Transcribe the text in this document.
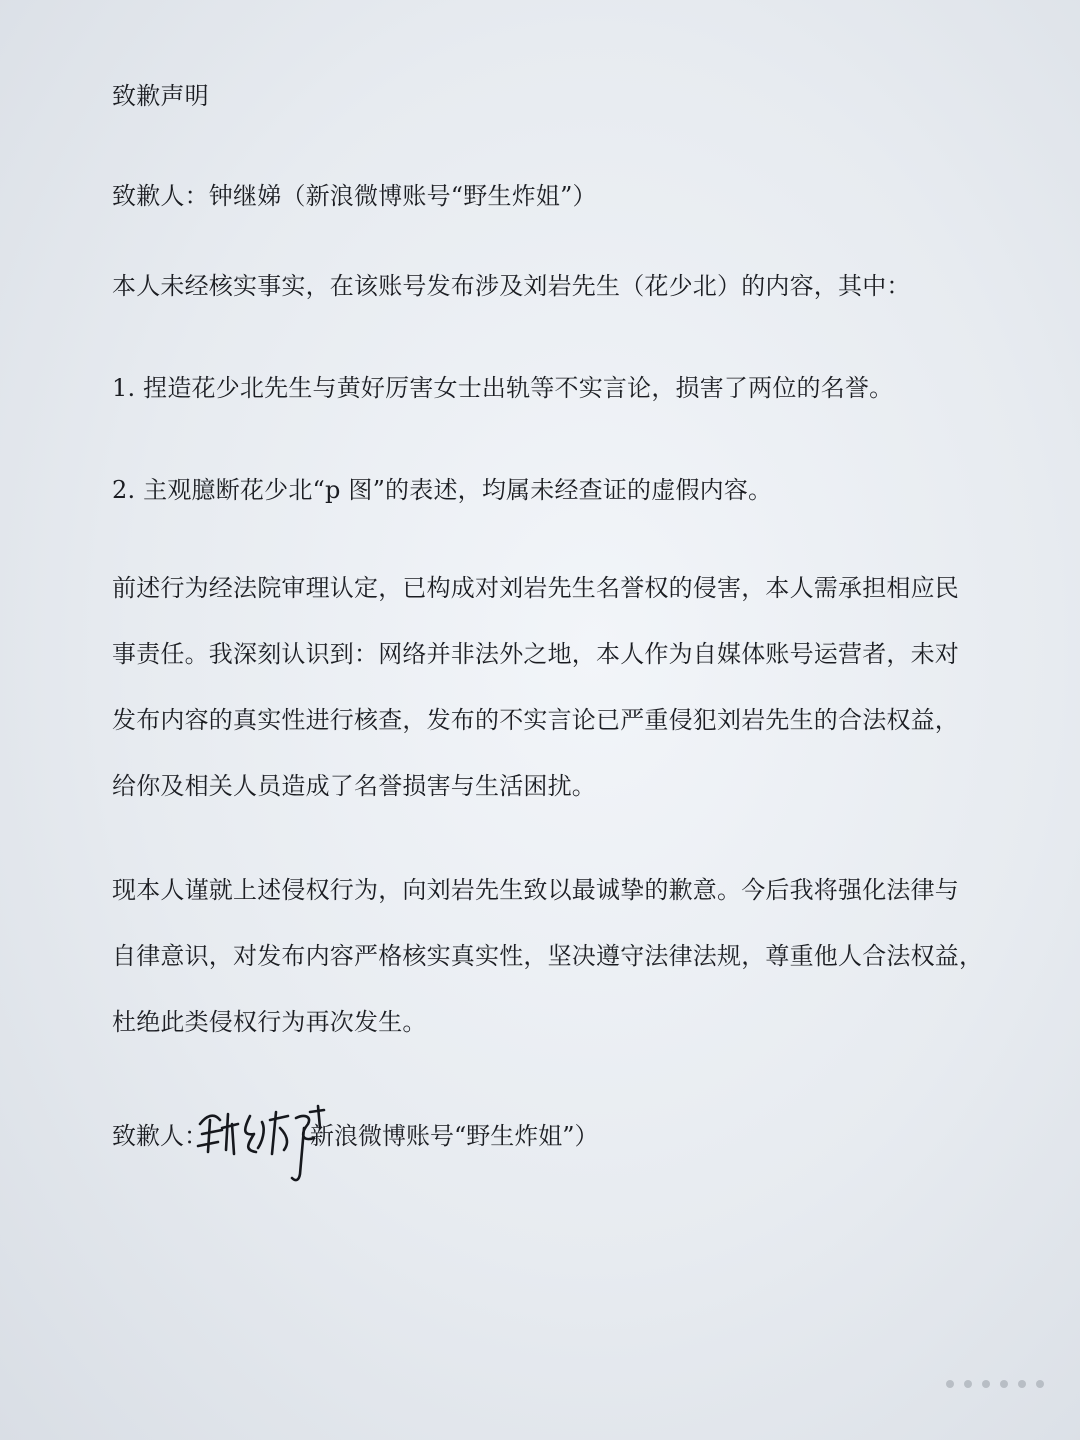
致歉声明
致歉人：钟继娣（新浪微博账号“野生炸姐”）
本人未经核实事实，在该账号发布涉及刘岩先生（花少北）的内容，其中：
1. 捏造花少北先生与黄好厉害女士出轨等不实言论，损害了两位的名誉。
2. 主观臆断花少北“p 图”的表述，均属未经查证的虚假内容。
前述行为经法院审理认定，已构成对刘岩先生名誉权的侵害，本人需承担相应民
事责任。我深刻认识到：网络并非法外之地，本人作为自媒体账号运营者，未对
发布内容的真实性进行核查，发布的不实言论已严重侵犯刘岩先生的合法权益，
给你及相关人员造成了名誉损害与生活困扰。
现本人谨就上述侵权行为，向刘岩先生致以最诚挚的歉意。今后我将强化法律与
自律意识，对发布内容严格核实真实性，坚决遵守法律法规，尊重他人合法权益，
杜绝此类侵权行为再次发生。
致歉人：	新浪微博账号“野生炸姐”）
